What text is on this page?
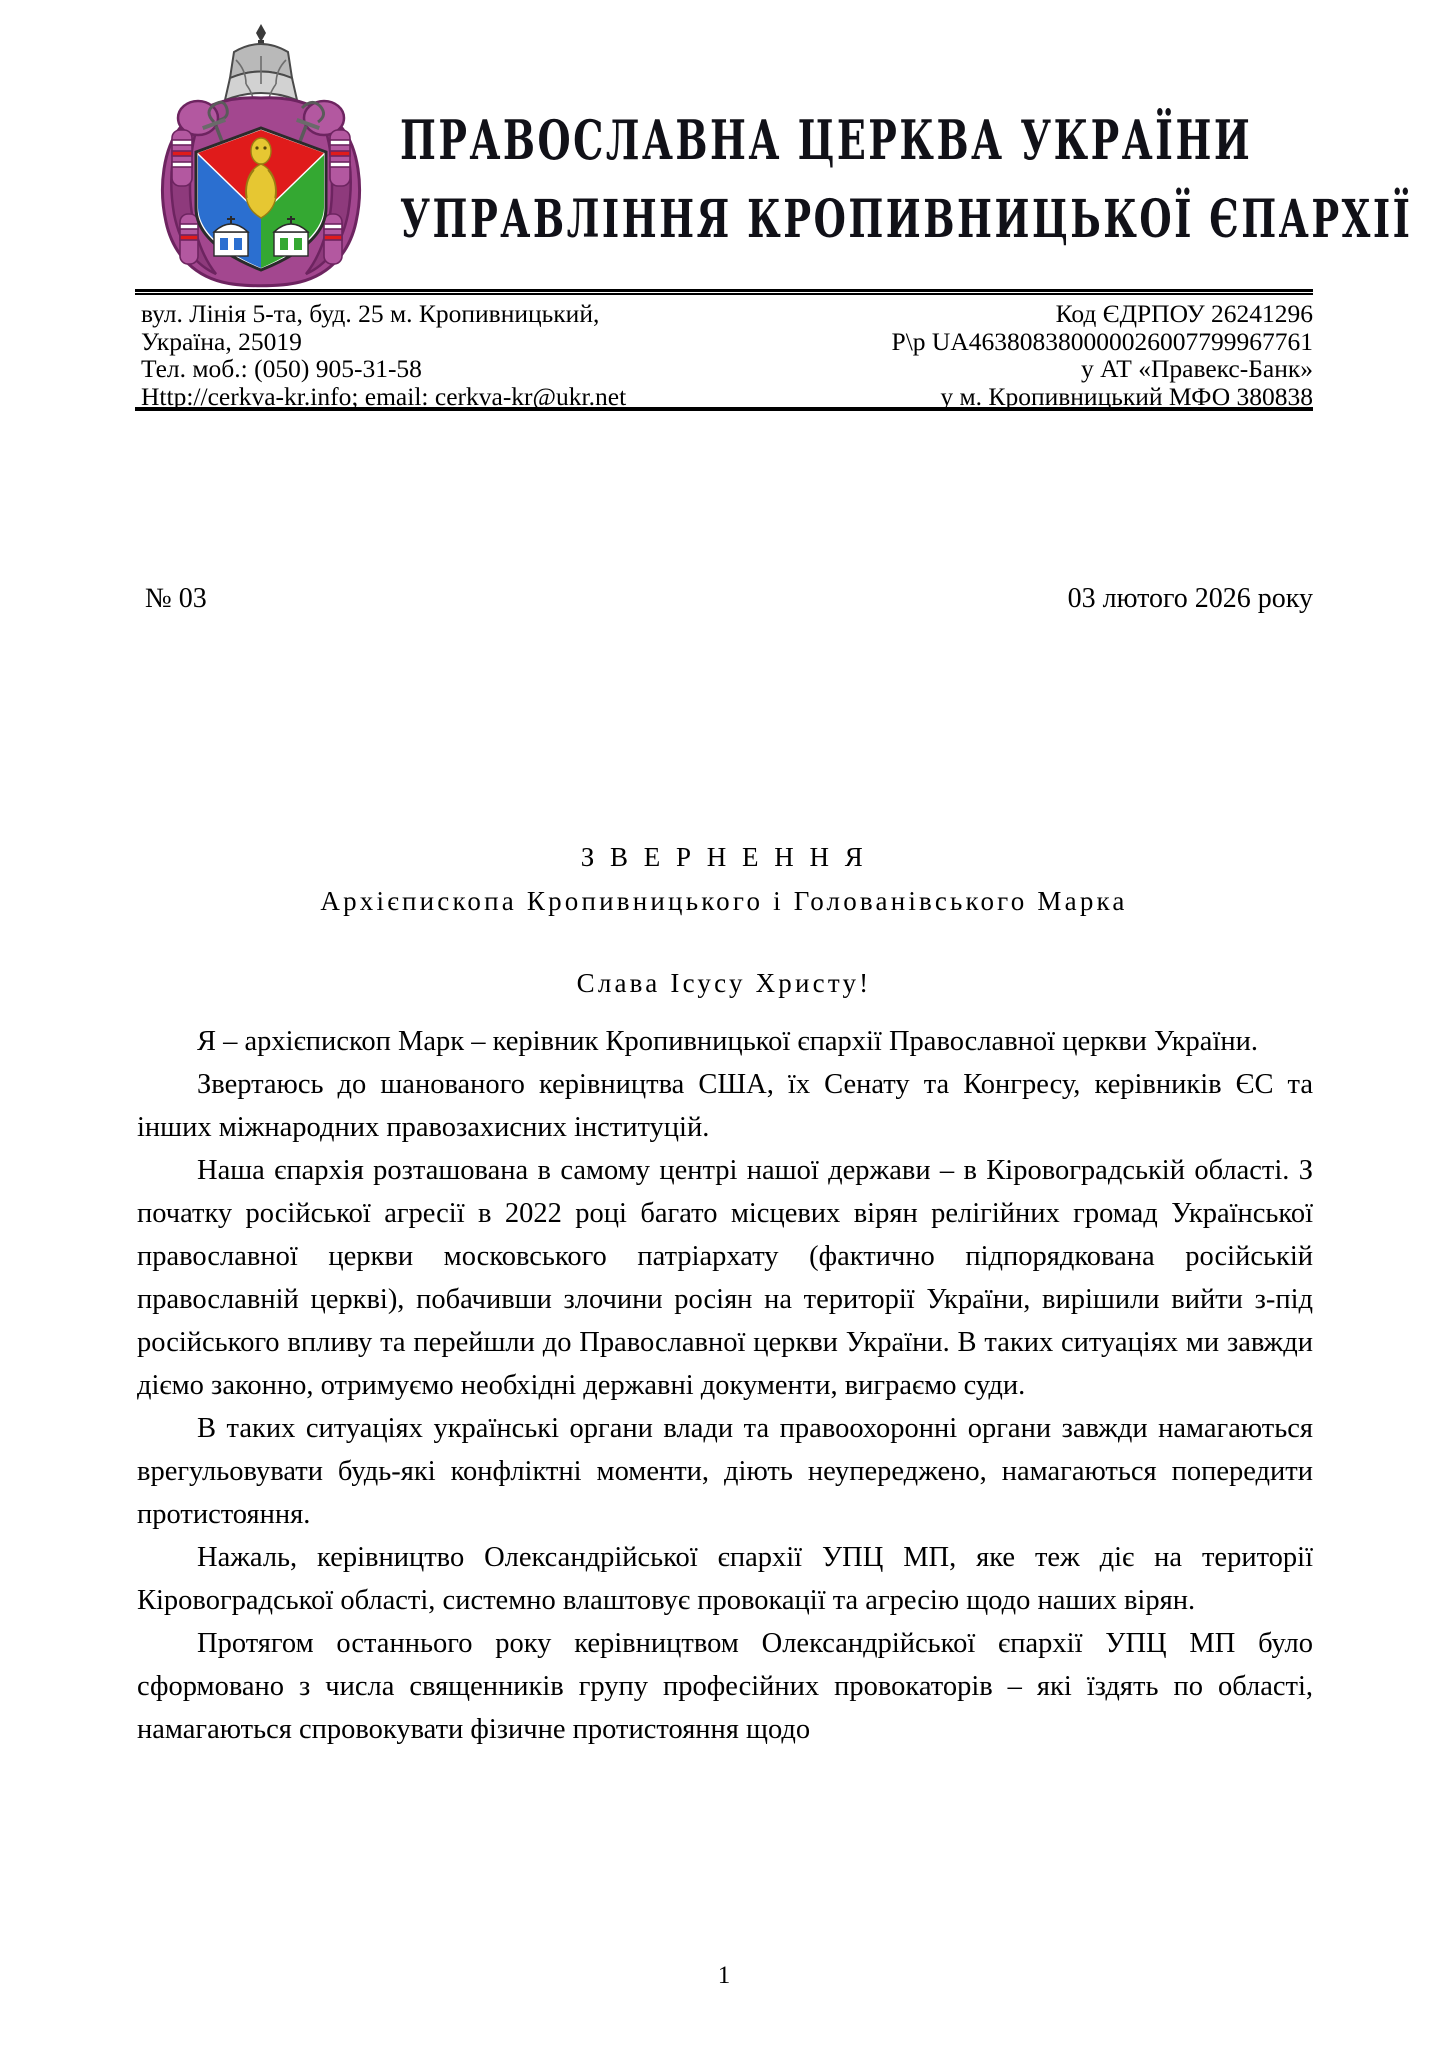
ПРАВОСЛАВНА ЦЕРКВА УКРАЇНИ
УПРАВЛІННЯ КРОПИВНИЦЬКОЇ ЄПАРХІЇ
вул. Лінія 5-та, буд. 25 м. Кропивницький,
Україна, 25019
Тел. моб.: (050) 905-31-58
Http://cerkva-kr.info; email: cerkva-kr@ukr.net
Код ЄДРПОУ 26241296
Р\р UA463808380000026007799967761
у АТ «Правекс-Банк»
у м. Кропивницький МФО 380838
№ 03	03 лютого 2026 року
З В Е Р Н Е Н Н Я
Архієпископа Кропивницького і Голованівського Марка
Слава Ісусу Христу!

Я – архієпископ Марк – керівник Кропивницької єпархії Православної церкви України.

Звертаюсь до шанованого керівництва США, їх Сенату та Конгресу, керівників ЄС та інших міжнародних правозахисних інституцій.

Наша єпархія розташована в самому центрі нашої держави – в Кіровоградській області. З початку російської агресії в 2022 році багато місцевих вірян релігійних громад Української православної церкви московського патріархату (фактично підпорядкована російській православній церкві), побачивши злочини росіян на території України, вирішили вийти з-під російського впливу та перейшли до Православної церкви України. В таких ситуаціях ми завжди діємо законно, отримуємо необхідні державні документи, виграємо суди.

В таких ситуаціях українські органи влади та правоохоронні органи завжди намагаються врегульовувати будь-які конфліктні моменти, діють неупереджено, намагаються попередити протистояння.

Нажаль, керівництво Олександрійської єпархії УПЦ МП, яке теж діє на території Кіровоградської області, системно влаштовує провокації та агресію щодо наших вірян.

Протягом останнього року керівництвом Олександрійської єпархії УПЦ МП було сформовано з числа священників групу професійних провокаторів – які їздять по області, намагаються спровокувати фізичне протистояння щодо

1
